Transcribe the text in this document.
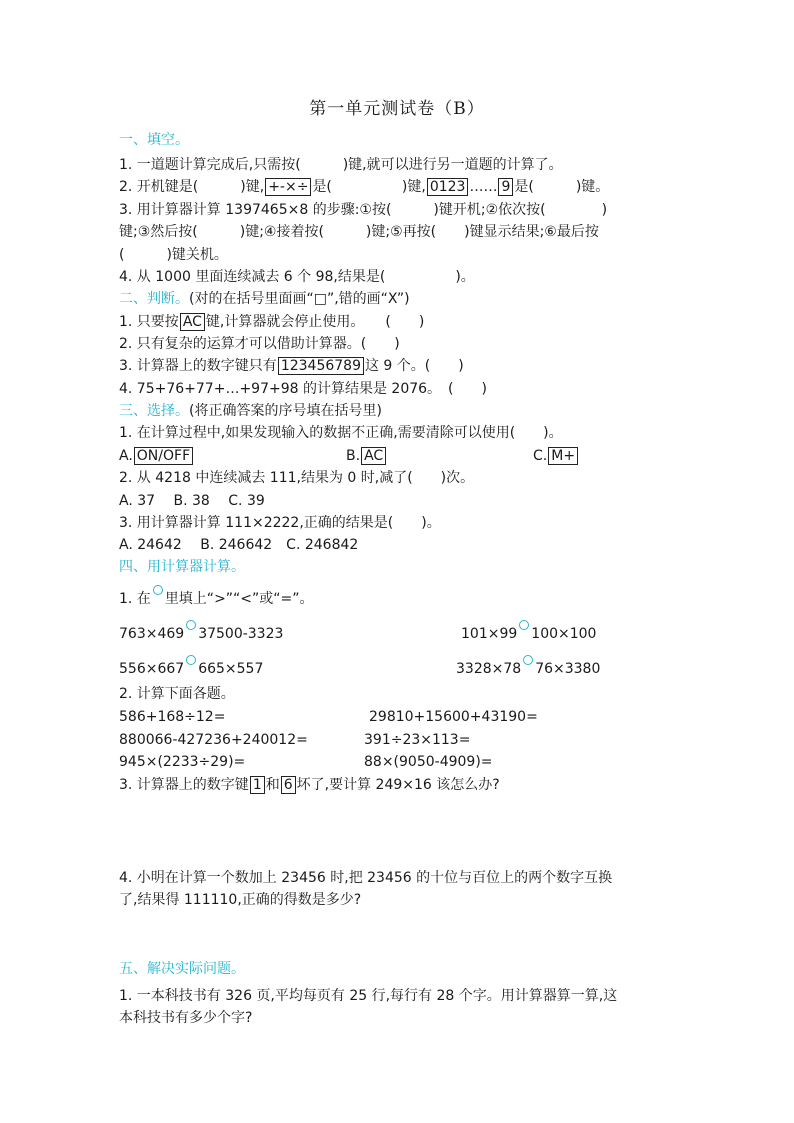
第一单元测试卷（B）
一、填空。
1. 一道题计算完成后,只需按(　　　)键,就可以进行另一道题的计算了。
2. 开机键是(　　　)键, +-×÷ 是(　　　　　)键, 0123 …… 9 是(　　　)键。
3. 用计算器计算 1397465×8 的步骤:①按(　　　)键开机;②依次按(　　　　)
键;③然后按(　　　)键;④接着按(　　　)键;⑤再按(　　)键显示结果;⑥最后按
(　　　)键关机。
4. 从 1000 里面连续减去 6 个 98,结果是(　　　　　)。
二、判断。(对的在括号里面画“□”,错的画“X”)
1. 只要按 AC 键,计算器就会停止使用。　　(　　)
2. 只有复杂的运算才可以借助计算器。(　　)
3. 计算器上的数字键只有 123456789 这 9 个。(　　)
4. 75+76+77+…+97+98 的计算结果是 2076。　(　　)
三、选择。(将正确答案的序号填在括号里)
1. 在计算过程中,如果发现输入的数据不正确,需要清除可以使用(　　)。
A. ON/OFF	B. AC	C. M+
2. 从 4218 中连续减去 111,结果为 0 时,减了(　　)次。
A. 37　 B. 38　 C. 39
3. 用计算器计算 111×2222,正确的结果是(　　)。
A. 24642　 B. 246642　C. 246842
四、用计算器计算。
1. 在 里填上“>”“<”或“=”。
763×469 37500-3323	101×99 100×100
556×667 665×557	3328×78 76×3380
2. 计算下面各题。
586+168÷12=	29810+15600+43190=
880066-427236+240012=	391÷23×113=
945×(2233÷29)=	88×(9050-4909)=
3. 计算器上的数字键 1 和 6 坏了,要计算 249×16 该怎么办?
4. 小明在计算一个数加上 23456 时,把 23456 的十位与百位上的两个数字互换
了,结果得 111110,正确的得数是多少?
五、解决实际问题。
1. 一本科技书有 326 页,平均每页有 25 行,每行有 28 个字。用计算器算一算,这
本科技书有多少个字?
